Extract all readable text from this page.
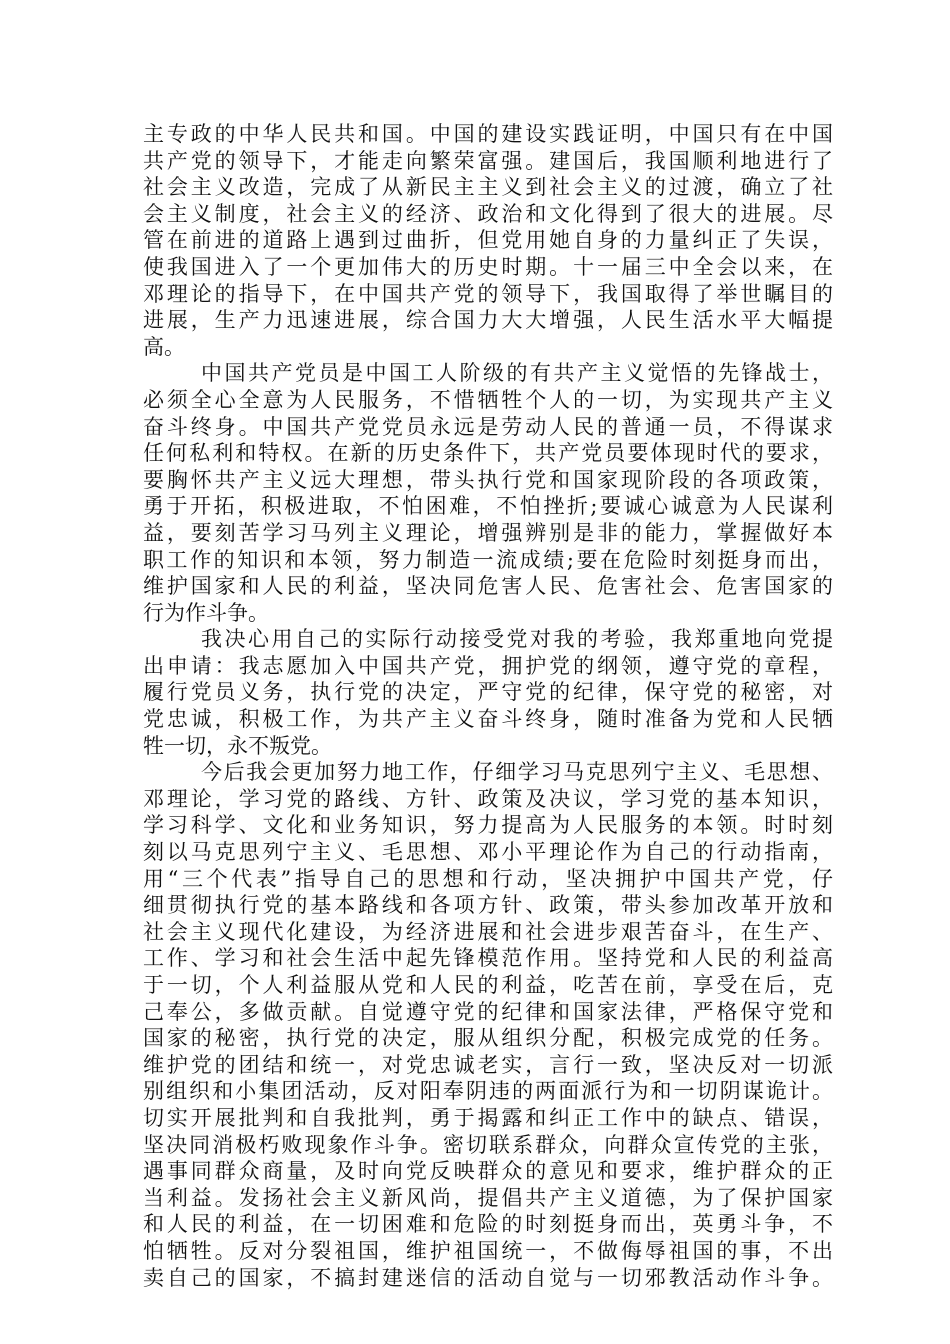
主专政的中华人民共和国。中国的建设实践证明，中国只有在中国
共产党的领导下，才能走向繁荣富强。建国后，我国顺利地进行了
社会主义改造，完成了从新民主主义到社会主义的过渡，确立了社
会主义制度，社会主义的经济、政治和文化得到了很大的进展。尽
管在前进的道路上遇到过曲折，但党用她自身的力量纠正了失误，
使我国进入了一个更加伟大的历史时期。十一届三中全会以来，在
邓理论的指导下，在中国共产党的领导下，我国取得了举世瞩目的
进展，生产力迅速进展，综合国力大大增强，人民生活水平大幅提
高。
中国共产党员是中国工人阶级的有共产主义觉悟的先锋战士，
必须全心全意为人民服务，不惜牺牲个人的一切，为实现共产主义
奋斗终身。中国共产党党员永远是劳动人民的普通一员，不得谋求
任何私利和特权。在新的历史条件下，共产党员要体现时代的要求，
要胸怀共产主义远大理想，带头执行党和国家现阶段的各项政策，
勇于开拓，积极进取，不怕困难，不怕挫折;要诚心诚意为人民谋利
益，要刻苦学习马列主义理论，增强辨别是非的能力，掌握做好本
职工作的知识和本领，努力制造一流成绩;要在危险时刻挺身而出，
维护国家和人民的利益，坚决同危害人民、危害社会、危害国家的
行为作斗争。
我决心用自己的实际行动接受党对我的考验，我郑重地向党提
出申请：我志愿加入中国共产党，拥护党的纲领，遵守党的章程，
履行党员义务，执行党的决定，严守党的纪律，保守党的秘密，对
党忠诚，积极工作，为共产主义奋斗终身，随时准备为党和人民牺
牲一切，永不叛党。
今后我会更加努力地工作，仔细学习马克思列宁主义、毛思想、
邓理论，学习党的路线、方针、政策及决议，学习党的基本知识，
学习科学、文化和业务知识，努力提高为人民服务的本领。时时刻
刻以马克思列宁主义、毛思想、邓小平理论作为自己的行动指南，
用“三个代表”指导自己的思想和行动，坚决拥护中国共产党，仔
细贯彻执行党的基本路线和各项方针、政策，带头参加改革开放和
社会主义现代化建设，为经济进展和社会进步艰苦奋斗，在生产、
工作、学习和社会生活中起先锋模范作用。坚持党和人民的利益高
于一切，个人利益服从党和人民的利益，吃苦在前，享受在后，克
己奉公，多做贡献。自觉遵守党的纪律和国家法律，严格保守党和
国家的秘密，执行党的决定，服从组织分配，积极完成党的任务。
维护党的团结和统一，对党忠诚老实，言行一致，坚决反对一切派
别组织和小集团活动，反对阳奉阴违的两面派行为和一切阴谋诡计。
切实开展批判和自我批判，勇于揭露和纠正工作中的缺点、错误，
坚决同消极朽败现象作斗争。密切联系群众，向群众宣传党的主张，
遇事同群众商量，及时向党反映群众的意见和要求，维护群众的正
当利益。发扬社会主义新风尚，提倡共产主义道德，为了保护国家
和人民的利益，在一切困难和危险的时刻挺身而出，英勇斗争，不
怕牺牲。反对分裂祖国，维护祖国统一，不做侮辱祖国的事，不出
卖自己的国家，不搞封建迷信的活动自觉与一切邪教活动作斗争。
